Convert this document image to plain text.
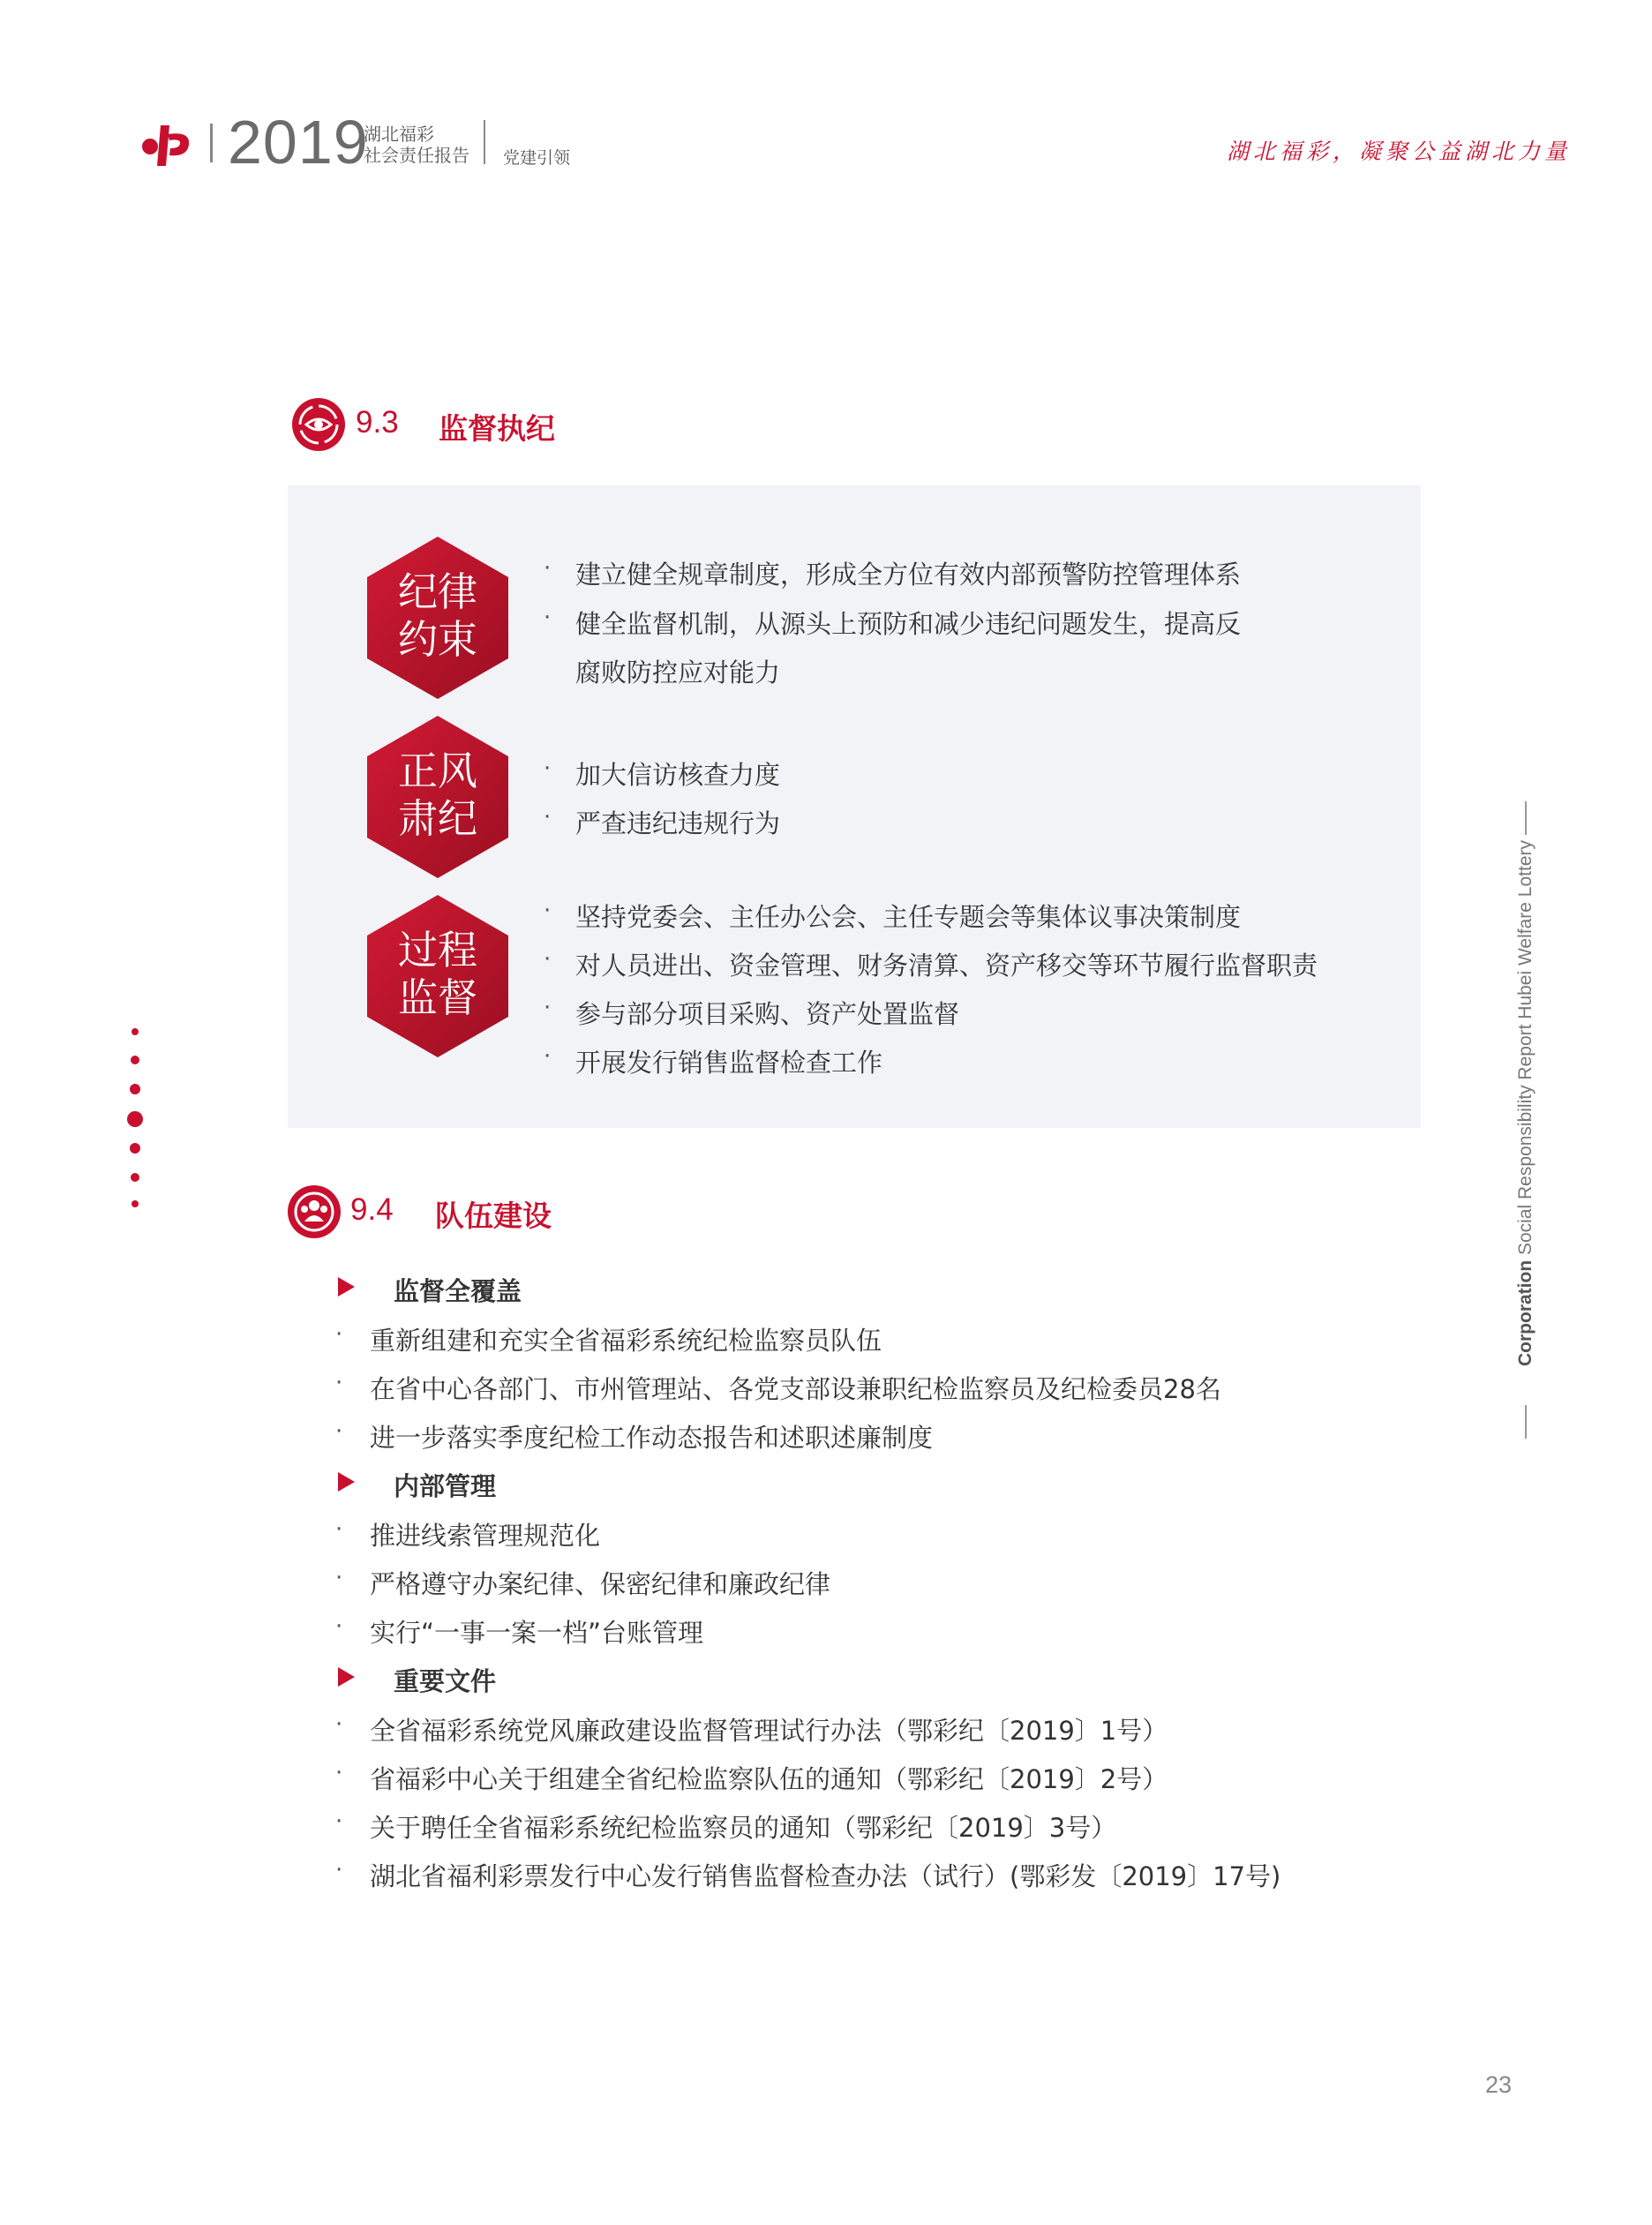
2019
湖北福彩
社会责任报告 党建引领	湖北福彩，凝聚公益湖北力量
9.3 监督执纪
纪律
约束
· 建立健全规章制度，形成全方位有效内部预警防控管理体系
· 健全监督机制，从源头上预防和减少违纪问题发生，提高反
腐败防控应对能力
正风
肃纪
· 加大信访核查力度
· 严查违纪违规行为
过程
监督
· 坚持党委会、主任办公会、主任专题会等集体议事决策制度
· 对人员进出、资金管理、财务清算、资产移交等环节履行监督职责
· 参与部分项目采购、资产处置监督
· 开展发行销售监督检查工作
Corporation Social Responsibility Report Hubei Welfare Lottery
9.4 队伍建设
监督全覆盖
· 重新组建和充实全省福彩系统纪检监察员队伍
· 在省中心各部门、市州管理站、各党支部设兼职纪检监察员及纪检委员28名
· 进一步落实季度纪检工作动态报告和述职述廉制度
内部管理
· 推进线索管理规范化
· 严格遵守办案纪律、保密纪律和廉政纪律
· 实行“一事一案一档”台账管理
重要文件
· 全省福彩系统党风廉政建设监督管理试行办法（鄂彩纪〔2019〕1号）
· 省福彩中心关于组建全省纪检监察队伍的通知（鄂彩纪〔2019〕2号）
· 关于聘任全省福彩系统纪检监察员的通知（鄂彩纪〔2019〕3号）
· 湖北省福利彩票发行中心发行销售监督检查办法（试行）(鄂彩发〔2019〕17号)
23
